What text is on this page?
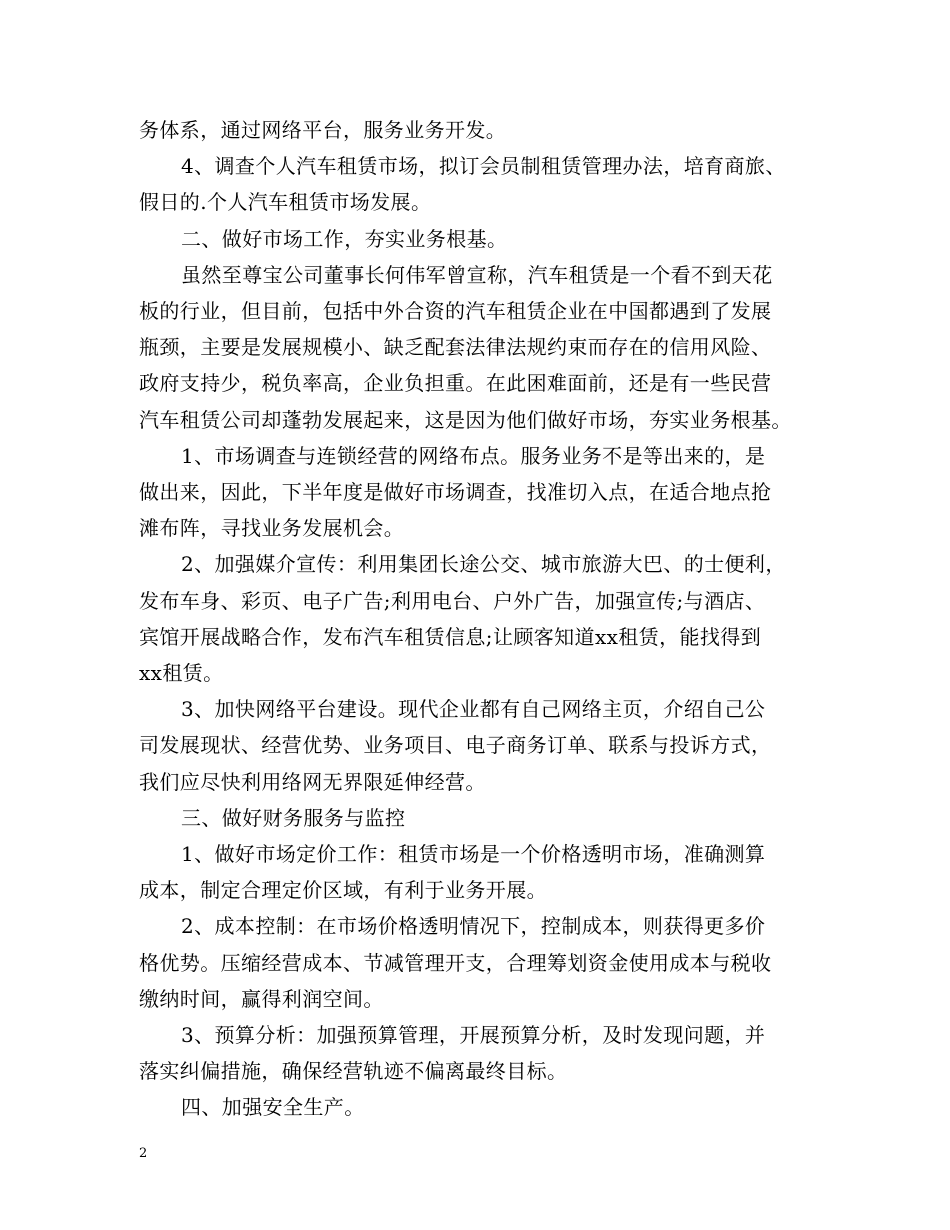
务体系，通过网络平台，服务业务开发。
4、调查个人汽车租赁市场，拟订会员制租赁管理办法，培育商旅、
假日的.个人汽车租赁市场发展。
二、做好市场工作，夯实业务根基。
虽然至尊宝公司董事长何伟军曾宣称，汽车租赁是一个看不到天花
板的行业，但目前，包括中外合资的汽车租赁企业在中国都遇到了发展
瓶颈，主要是发展规模小、缺乏配套法律法规约束而存在的信用风险、
政府支持少，税负率高，企业负担重。在此困难面前，还是有一些民营
汽车租赁公司却蓬勃发展起来，这是因为他们做好市场，夯实业务根基。
1、市场调查与连锁经营的网络布点。服务业务不是等出来的，是
做出来，因此，下半年度是做好市场调查，找准切入点，在适合地点抢
滩布阵，寻找业务发展机会。
2、加强媒介宣传：利用集团长途公交、城市旅游大巴、的士便利，
发布车身、彩页、电子广告;利用电台、户外广告，加强宣传;与酒店、
宾馆开展战略合作，发布汽车租赁信息;让顾客知道xx租赁，能找得到
xx租赁。
3、加快网络平台建设。现代企业都有自己网络主页，介绍自己公
司发展现状、经营优势、业务项目、电子商务订单、联系与投诉方式，
我们应尽快利用络网无界限延伸经营。
三、做好财务服务与监控
1、做好市场定价工作：租赁市场是一个价格透明市场，准确测算
成本，制定合理定价区域，有利于业务开展。
2、成本控制：在市场价格透明情况下，控制成本，则获得更多价
格优势。压缩经营成本、节减管理开支，合理筹划资金使用成本与税收
缴纳时间，赢得利润空间。
3、预算分析：加强预算管理，开展预算分析，及时发现问题，并
落实纠偏措施，确保经营轨迹不偏离最终目标。
四、加强安全生产。
2
